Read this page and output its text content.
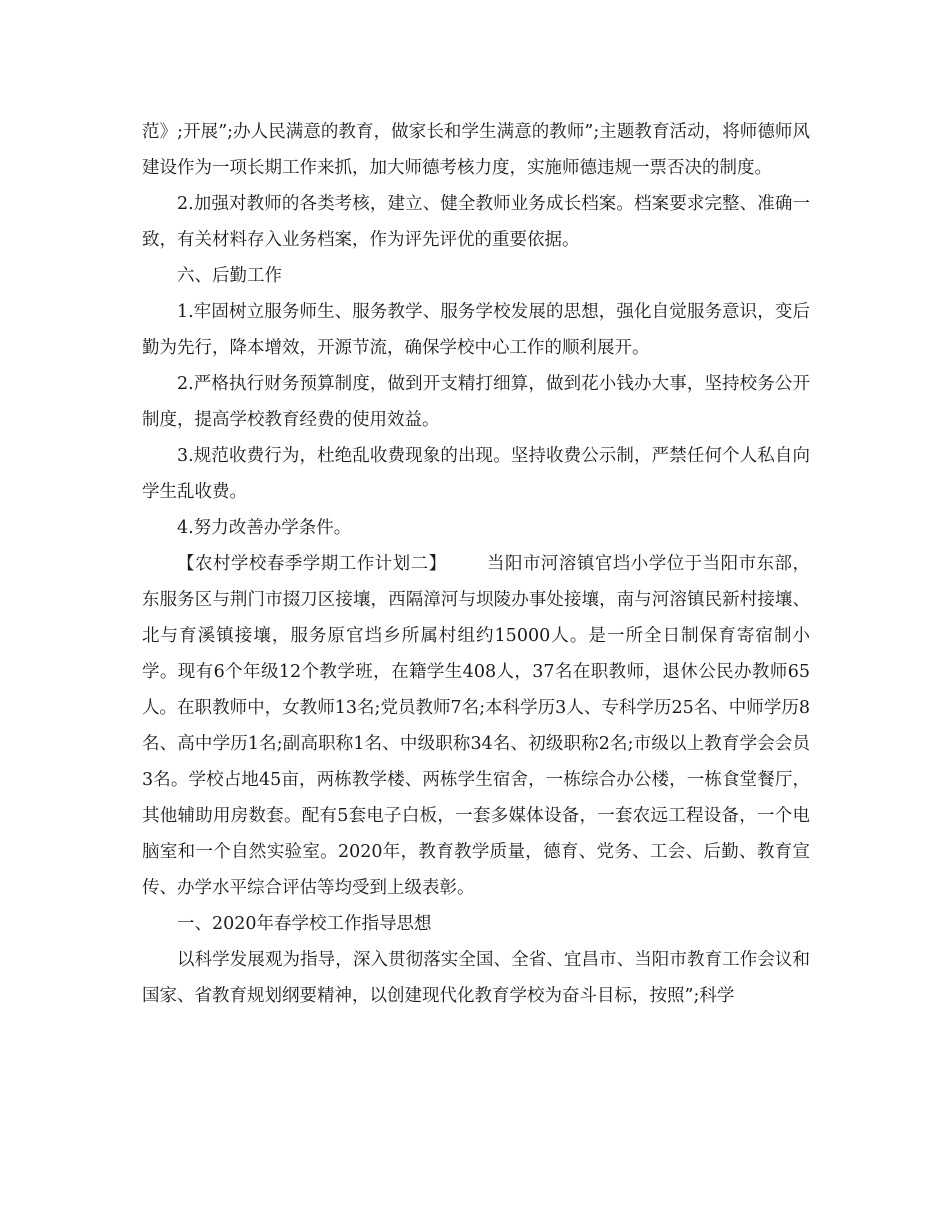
范》;开展”;办人民满意的教育，做家长和学生满意的教师”;主题教育活动，将师德师风建设作为一项长期工作来抓，加大师德考核力度，实施师德违规一票否决的制度。

2.加强对教师的各类考核，建立、健全教师业务成长档案。档案要求完整、准确一致，有关材料存入业务档案，作为评先评优的重要依据。

六、后勤工作

1.牢固树立服务师生、服务教学、服务学校发展的思想，强化自觉服务意识，变后勤为先行，降本增效，开源节流，确保学校中心工作的顺利展开。

2.严格执行财务预算制度，做到开支精打细算，做到花小钱办大事，坚持校务公开制度，提高学校教育经费的使用效益。

3.规范收费行为，杜绝乱收费现象的出现。坚持收费公示制，严禁任何个人私自向学生乱收费。

4.努力改善办学条件。

【农村学校春季学期工作计划二】 当阳市河溶镇官垱小学位于当阳市东部，东服务区与荆门市掇刀区接壤，西隔漳河与坝陵办事处接壤，南与河溶镇民新村接壤、北与育溪镇接壤，服务原官垱乡所属村组约15000人。是一所全日制保育寄宿制小学。现有6个年级12个教学班，在籍学生408人，37名在职教师，退休公民办教师65人。在职教师中，女教师13名;党员教师7名;本科学历3人、专科学历25名、中师学历8名、高中学历1名;副高职称1名、中级职称34名、初级职称2名;市级以上教育学会会员3名。学校占地45亩，两栋教学楼、两栋学生宿舍，一栋综合办公楼，一栋食堂餐厅，其他辅助用房数套。配有5套电子白板，一套多媒体设备，一套农远工程设备，一个电脑室和一个自然实验室。2020年，教育教学质量，德育、党务、工会、后勤、教育宣传、办学水平综合评估等均受到上级表彰。

一、2020年春学校工作指导思想

以科学发展观为指导，深入贯彻落实全国、全省、宜昌市、当阳市教育工作会议和国家、省教育规划纲要精神，以创建现代化教育学校为奋斗目标，按照”;科学
